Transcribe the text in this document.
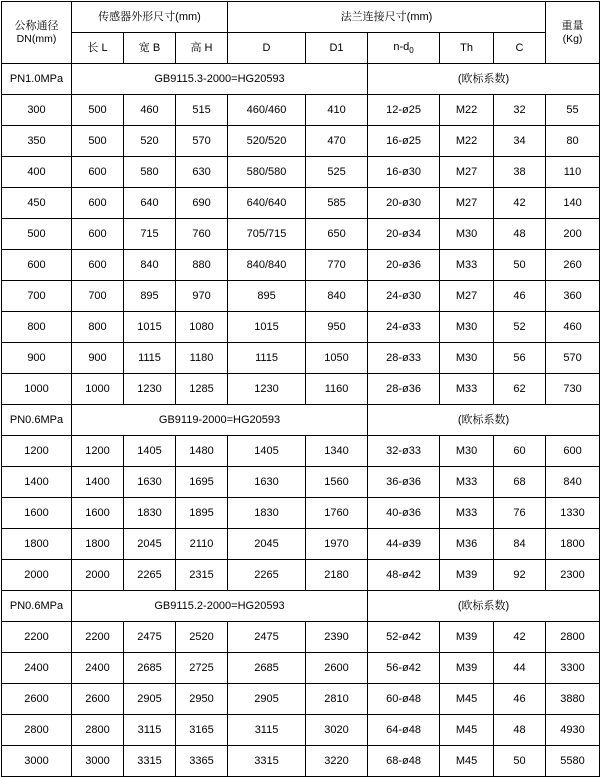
公称通径
DN(mm)	传感器外形尺寸(mm)			法兰连接尺寸(mm)					重量
(Kg)

	长 L	宽 B	高 H	D	D1	$n-d_0$	Th	C	
PN1.0MPa	GB9115.3-2000=HG20593					(欧标系数)			
300	500	460	515	460/460	410	12-ø25	M22	32	55
350	500	520	570	520/520	470	16-ø25	M22	34	80
400	600	580	630	580/580	525	16-ø30	M27	38	110
450	600	640	690	640/640	585	20-ø30	M27	42	140
500	600	715	760	705/715	650	20-ø34	M30	48	200
600	600	840	880	840/840	770	20-ø36	M33	50	260
700	700	895	970	895	840	24-ø30	M27	46	360
800	800	1015	1080	1015	950	24-ø33	M30	52	460
900	900	1115	1180	1115	1050	28-ø33	M30	56	570
1000	1000	1230	1285	1230	1160	28-ø36	M33	62	730
PN0.6MPa	GB9119-2000=HG20593					(欧标系数)			
1200	1200	1405	1480	1405	1340	32-ø33	M30	60	600
1400	1400	1630	1695	1630	1560	36-ø36	M33	68	840
1600	1600	1830	1895	1830	1760	40-ø36	M33	76	1330
1800	1800	2045	2110	2045	1970	44-ø39	M36	84	1800
2000	2000	2265	2315	2265	2180	48-ø42	M39	92	2300
PN0.6MPa	GB9115.2-2000=HG20593					(欧标系数)			
2200	2200	2475	2520	2475	2390	52-ø42	M39	42	2800
2400	2400	2685	2725	2685	2600	56-ø42	M39	44	3300
2600	2600	2905	2950	2905	2810	60-ø48	M45	46	3880
2800	2800	3115	3165	3115	3020	64-ø48	M45	48	4930
3000	3000	3315	3365	3315	3220	68-ø48	M45	50	5580
